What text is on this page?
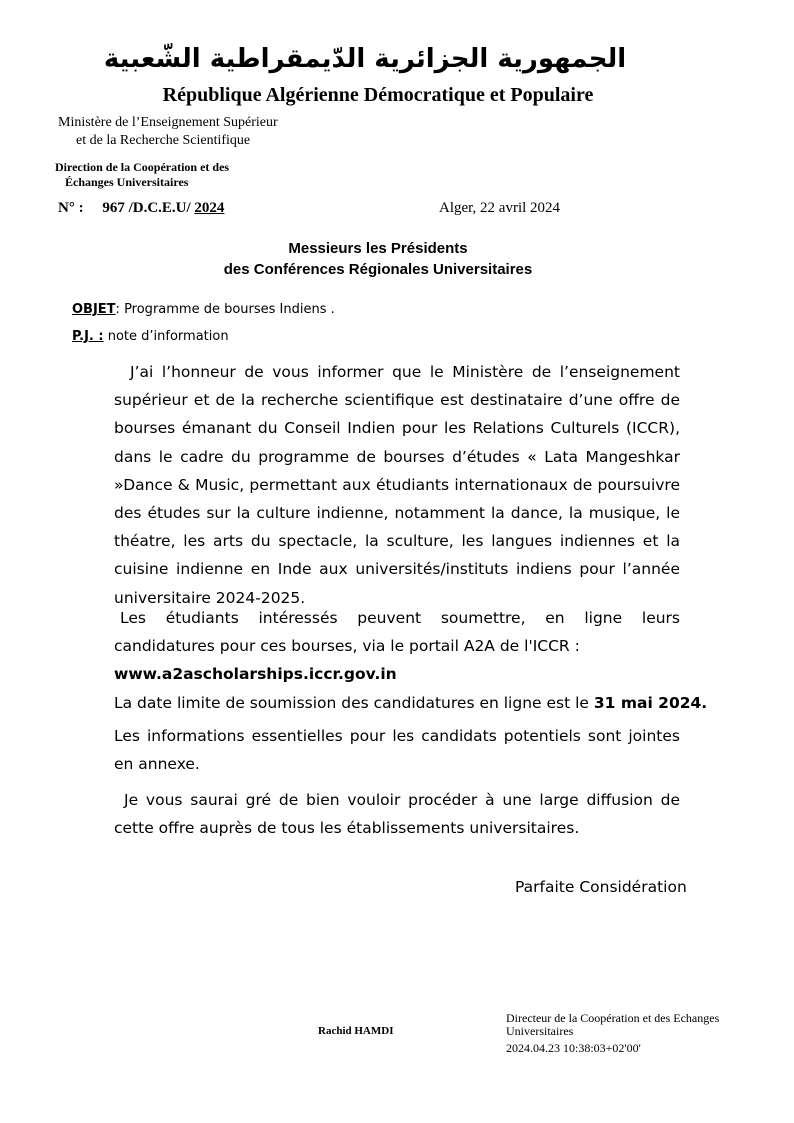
الجمهورية الجزائرية الدّيمقراطية الشّعبية
République Algérienne Démocratique et Populaire
Ministère de l’Enseignement Supérieur
et de la Recherche Scientifique
Direction de la Coopération et des
Échanges Universitaires
N° : 967 /D.C.E.U/ 2024	Alger, 22 avril 2024
Messieurs les Présidents
des Conférences Régionales Universitaires
OBJET: Programme de bourses Indiens .
P.J. : note d’information

J’ai l’honneur de vous informer que le Ministère de l’enseignement supérieur et de la recherche scientifique est destinataire d’une offre de bourses émanant du Conseil Indien pour les Relations Culturels (ICCR), dans le cadre du programme de bourses d’études « Lata Mangeshkar »Dance & Music, permettant aux étudiants internationaux de poursuivre des études sur la culture indienne, notamment la dance, la musique, le théatre, les arts du spectacle, la sculture, les langues indiennes et la cuisine indienne en Inde aux universités/instituts indiens pour l’année universitaire 2024-2025.

Les étudiants intéressés peuvent soumettre, en ligne leurs candidatures pour ces bourses, via le portail A2A de l'ICCR :

www.a2ascholarships.iccr.gov.in
La date limite de soumission des candidatures en ligne est le 31 mai 2024.

Les informations essentielles pour les candidats potentiels sont jointes en annexe.

Je vous saurai gré de bien vouloir procéder à une large diffusion de cette offre auprès de tous les établissements universitaires.

Parfaite Considération
Rachid HAMDI
Directeur de la Coopération et des Echanges Universitaires
2024.04.23 10:38:03+02'00'
